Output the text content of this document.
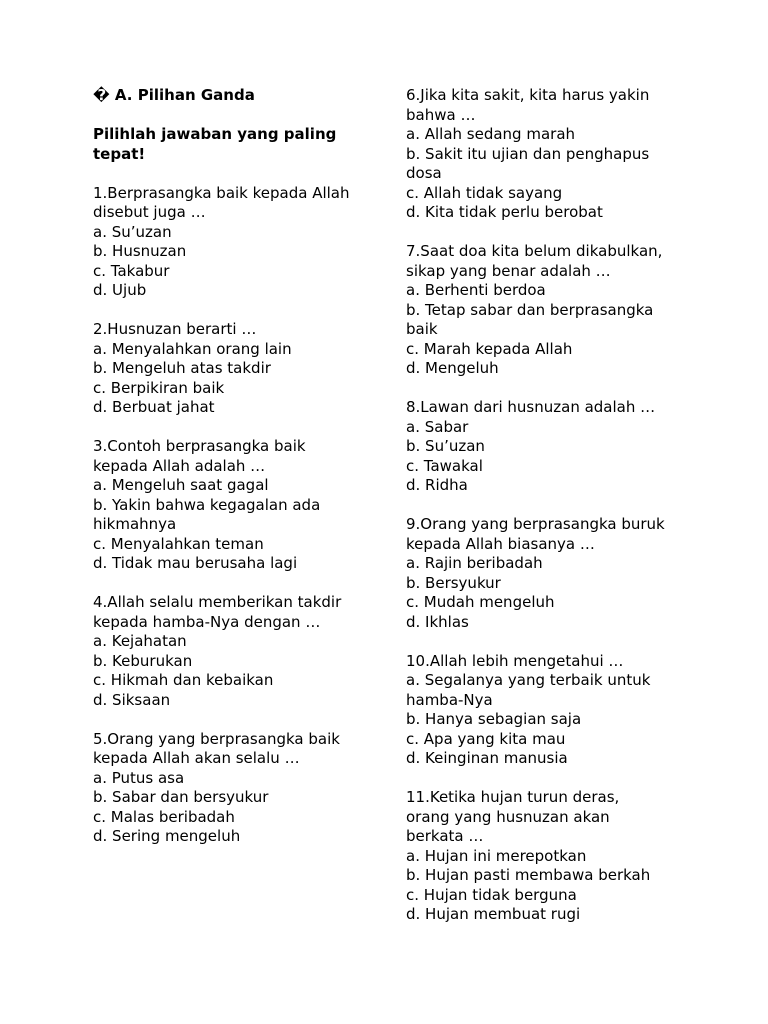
� A. Pilihan Ganda
Pilihlah jawaban yang paling
tepat!
1.Berprasangka baik kepada Allah
disebut juga …
a. Su’uzan
b. Husnuzan
c. Takabur
d. Ujub
2.Husnuzan berarti …
a. Menyalahkan orang lain
b. Mengeluh atas takdir
c. Berpikiran baik
d. Berbuat jahat
3.Contoh berprasangka baik
kepada Allah adalah …
a. Mengeluh saat gagal
b. Yakin bahwa kegagalan ada
hikmahnya
c. Menyalahkan teman
d. Tidak mau berusaha lagi
4.Allah selalu memberikan takdir
kepada hamba-Nya dengan …
a. Kejahatan
b. Keburukan
c. Hikmah dan kebaikan
d. Siksaan
5.Orang yang berprasangka baik
kepada Allah akan selalu …
a. Putus asa
b. Sabar dan bersyukur
c. Malas beribadah
d. Sering mengeluh
6.Jika kita sakit, kita harus yakin
bahwa …
a. Allah sedang marah
b. Sakit itu ujian dan penghapus
dosa
c. Allah tidak sayang
d. Kita tidak perlu berobat
7.Saat doa kita belum dikabulkan,
sikap yang benar adalah …
a. Berhenti berdoa
b. Tetap sabar dan berprasangka
baik
c. Marah kepada Allah
d. Mengeluh
8.Lawan dari husnuzan adalah …
a. Sabar
b. Su’uzan
c. Tawakal
d. Ridha
9.Orang yang berprasangka buruk
kepada Allah biasanya …
a. Rajin beribadah
b. Bersyukur
c. Mudah mengeluh
d. Ikhlas
10.Allah lebih mengetahui …
a. Segalanya yang terbaik untuk
hamba-Nya
b. Hanya sebagian saja
c. Apa yang kita mau
d. Keinginan manusia
11.Ketika hujan turun deras,
orang yang husnuzan akan
berkata …
a. Hujan ini merepotkan
b. Hujan pasti membawa berkah
c. Hujan tidak berguna
d. Hujan membuat rugi
